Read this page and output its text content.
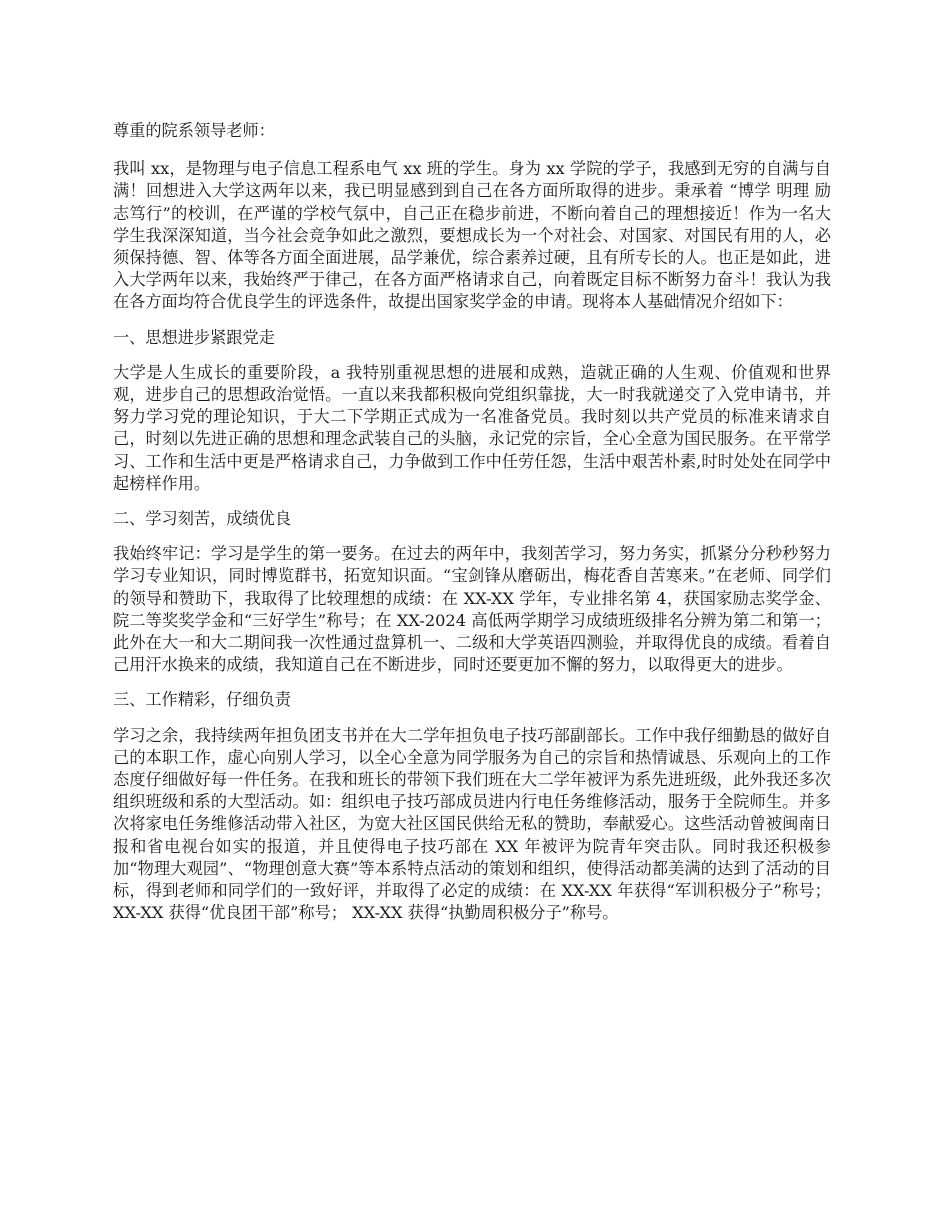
尊重的院系领导老师：

我叫 xx，是物理与电子信息工程系电气 xx 班的学生。身为 xx 学院的学子，我感到无穷的自满与自满！回想进入大学这两年以来，我已明显感到到自己在各方面所取得的进步。秉承着 “博学 明理 励志笃行”的校训，在严谨的学校气氛中，自己正在稳步前进，不断向着自己的理想接近！作为一名大学生我深深知道，当今社会竞争如此之激烈，要想成长为一个对社会、对国家、对国民有用的人，必须保持德、智、体等各方面全面进展，品学兼优，综合素养过硬，且有所专长的人。也正是如此，进入大学两年以来，我始终严于律己，在各方面严格请求自己，向着既定目标不断努力奋斗！我认为我在各方面均符合优良学生的评选条件，故提出国家奖学金的申请。现将本人基础情况介绍如下：

一、思想进步紧跟党走

大学是人生成长的重要阶段，a 我特别重视思想的进展和成熟，造就正确的人生观、价值观和世界观，进步自己的思想政治觉悟。一直以来我都积极向党组织靠拢，大一时我就递交了入党申请书，并努力学习党的理论知识，于大二下学期正式成为一名准备党员。我时刻以共产党员的标准来请求自己，时刻以先进正确的思想和理念武装自己的头脑，永记党的宗旨，全心全意为国民服务。在平常学习、工作和生活中更是严格请求自己，力争做到工作中任劳任怨，生活中艰苦朴素,时时处处在同学中起榜样作用。

二、学习刻苦，成绩优良

我始终牢记：学习是学生的第一要务。在过去的两年中，我刻苦学习，努力务实，抓紧分分秒秒努力学习专业知识，同时博览群书，拓宽知识面。“宝剑锋从磨砺出，梅花香自苦寒来。”在老师、同学们的领导和赞助下，我取得了比较理想的成绩：在 XX-XX 学年，专业排名第 4，获国家励志奖学金、院二等奖奖学金和“三好学生”称号；在 XX-2024 高低两学期学习成绩班级排名分辨为第二和第一；此外在大一和大二期间我一次性通过盘算机一、二级和大学英语四测验，并取得优良的成绩。看着自己用汗水换来的成绩，我知道自己在不断进步，同时还要更加不懈的努力，以取得更大的进步。

三、工作精彩，仔细负责

学习之余，我持续两年担负团支书并在大二学年担负电子技巧部副部长。工作中我仔细勤恳的做好自己的本职工作，虚心向别人学习，以全心全意为同学服务为自己的宗旨和热情诚恳、乐观向上的工作态度仔细做好每一件任务。在我和班长的带领下我们班在大二学年被评为系先进班级，此外我还多次组织班级和系的大型活动。如：组织电子技巧部成员进内行电任务维修活动，服务于全院师生。并多次将家电任务维修活动带入社区，为宽大社区国民供给无私的赞助，奉献爱心。这些活动曾被闽南日报和省电视台如实的报道，并且使得电子技巧部在 XX 年被评为院青年突击队。同时我还积极参加“物理大观园”、“物理创意大赛”等本系特点活动的策划和组织，使得活动都美满的达到了活动的目标，得到老师和同学们的一致好评，并取得了必定的成绩：在 XX-XX 年获得“军训积极分子”称号；XX-XX 获得“优良团干部”称号； XX-XX 获得“执勤周积极分子”称号。
